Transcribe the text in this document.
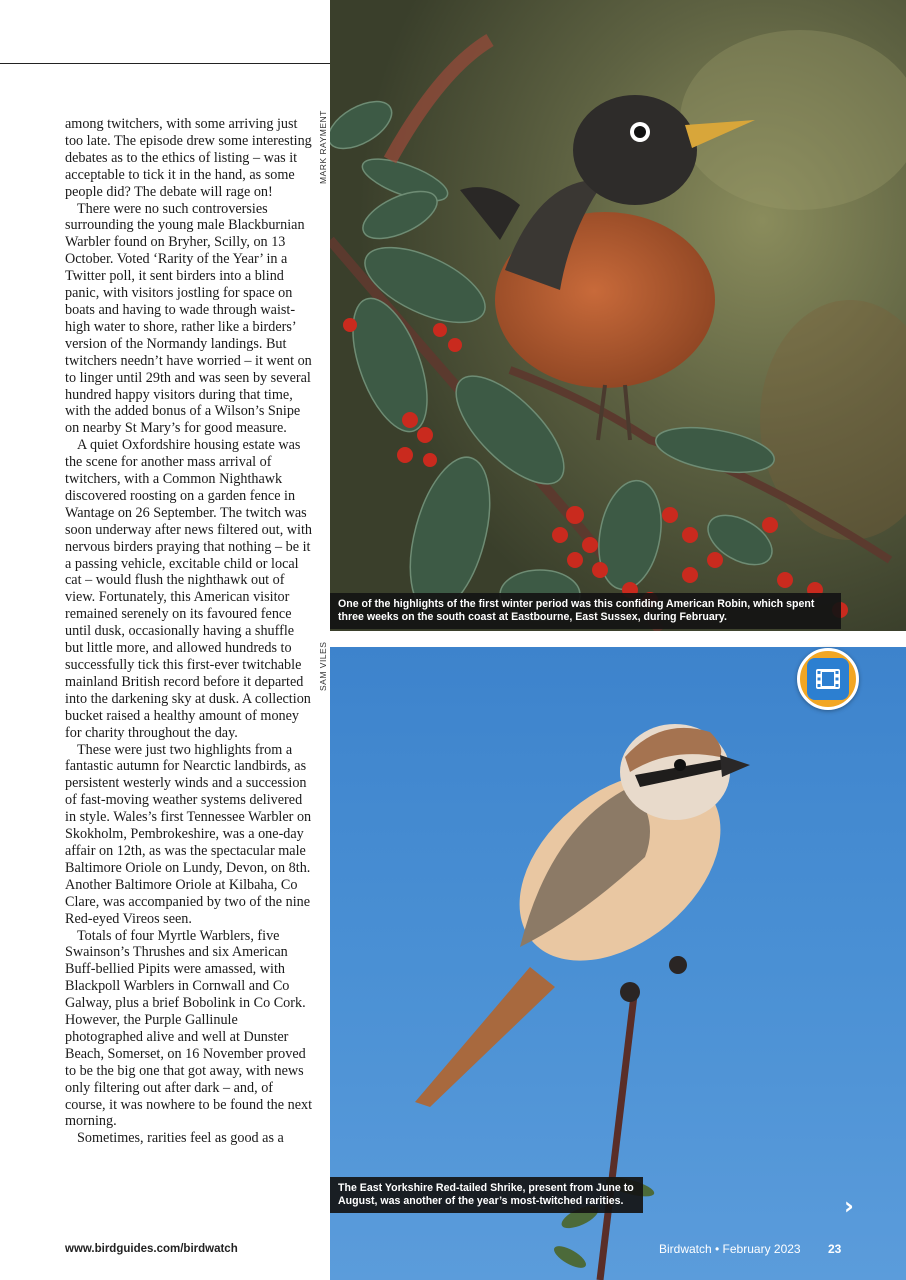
among twitchers, with some arriving just too late. The episode drew some interesting debates as to the ethics of listing – was it acceptable to tick it in the hand, as some people did? The debate will rage on!

There were no such controversies surrounding the young male Blackburnian Warbler found on Bryher, Scilly, on 13 October. Voted ‘Rarity of the Year’ in a Twitter poll, it sent birders into a blind panic, with visitors jostling for space on boats and having to wade through waist-high water to shore, rather like a birders’ version of the Normandy landings. But twitchers needn’t have worried – it went on to linger until 29th and was seen by several hundred happy visitors during that time, with the added bonus of a Wilson’s Snipe on nearby St Mary’s for good measure.

A quiet Oxfordshire housing estate was the scene for another mass arrival of twitchers, with a Common Nighthawk discovered roosting on a garden fence in Wantage on 26 September. The twitch was soon underway after news filtered out, with nervous birders praying that nothing – be it a passing vehicle, excitable child or local cat – would flush the nighthawk out of view. Fortunately, this American visitor remained serenely on its favoured fence until dusk, occasionally having a shuffle but little more, and allowed hundreds to successfully tick this first-ever twitchable mainland British record before it departed into the darkening sky at dusk. A collection bucket raised a healthy amount of money for charity throughout the day.

These were just two highlights from a fantastic autumn for Nearctic landbirds, as persistent westerly winds and a succession of fast-moving weather systems delivered in style. Wales’s first Tennessee Warbler on Skokholm, Pembrokeshire, was a one-day affair on 12th, as was the spectacular male Baltimore Oriole on Lundy, Devon, on 8th. Another Baltimore Oriole at Kilbaha, Co Clare, was accompanied by two of the nine Red-eyed Vireos seen.

Totals of four Myrtle Warblers, five Swainson’s Thrushes and six American Buff-bellied Pipits were amassed, with Blackpoll Warblers in Cornwall and Co Galway, plus a brief Bobolink in Co Cork. However, the Purple Gallinule photographed alive and well at Dunster Beach, Somerset, on 16 November proved to be the big one that got away, with news only filtering out after dark – and, of course, it was nowhere to be found the next morning.

Sometimes, rarities feel as good as a

MARK RAYMENT
One of the highlights of the first winter period was this confiding American Robin, which spent three weeks on the south coast at Eastbourne, East Sussex, during February.
SAM VILES
The East Yorkshire Red-tailed Shrike, present from June to August, was another of the year’s most-twitched rarities.	›
www.birdguides.com/birdwatch	Birdwatch • February 2023 23
